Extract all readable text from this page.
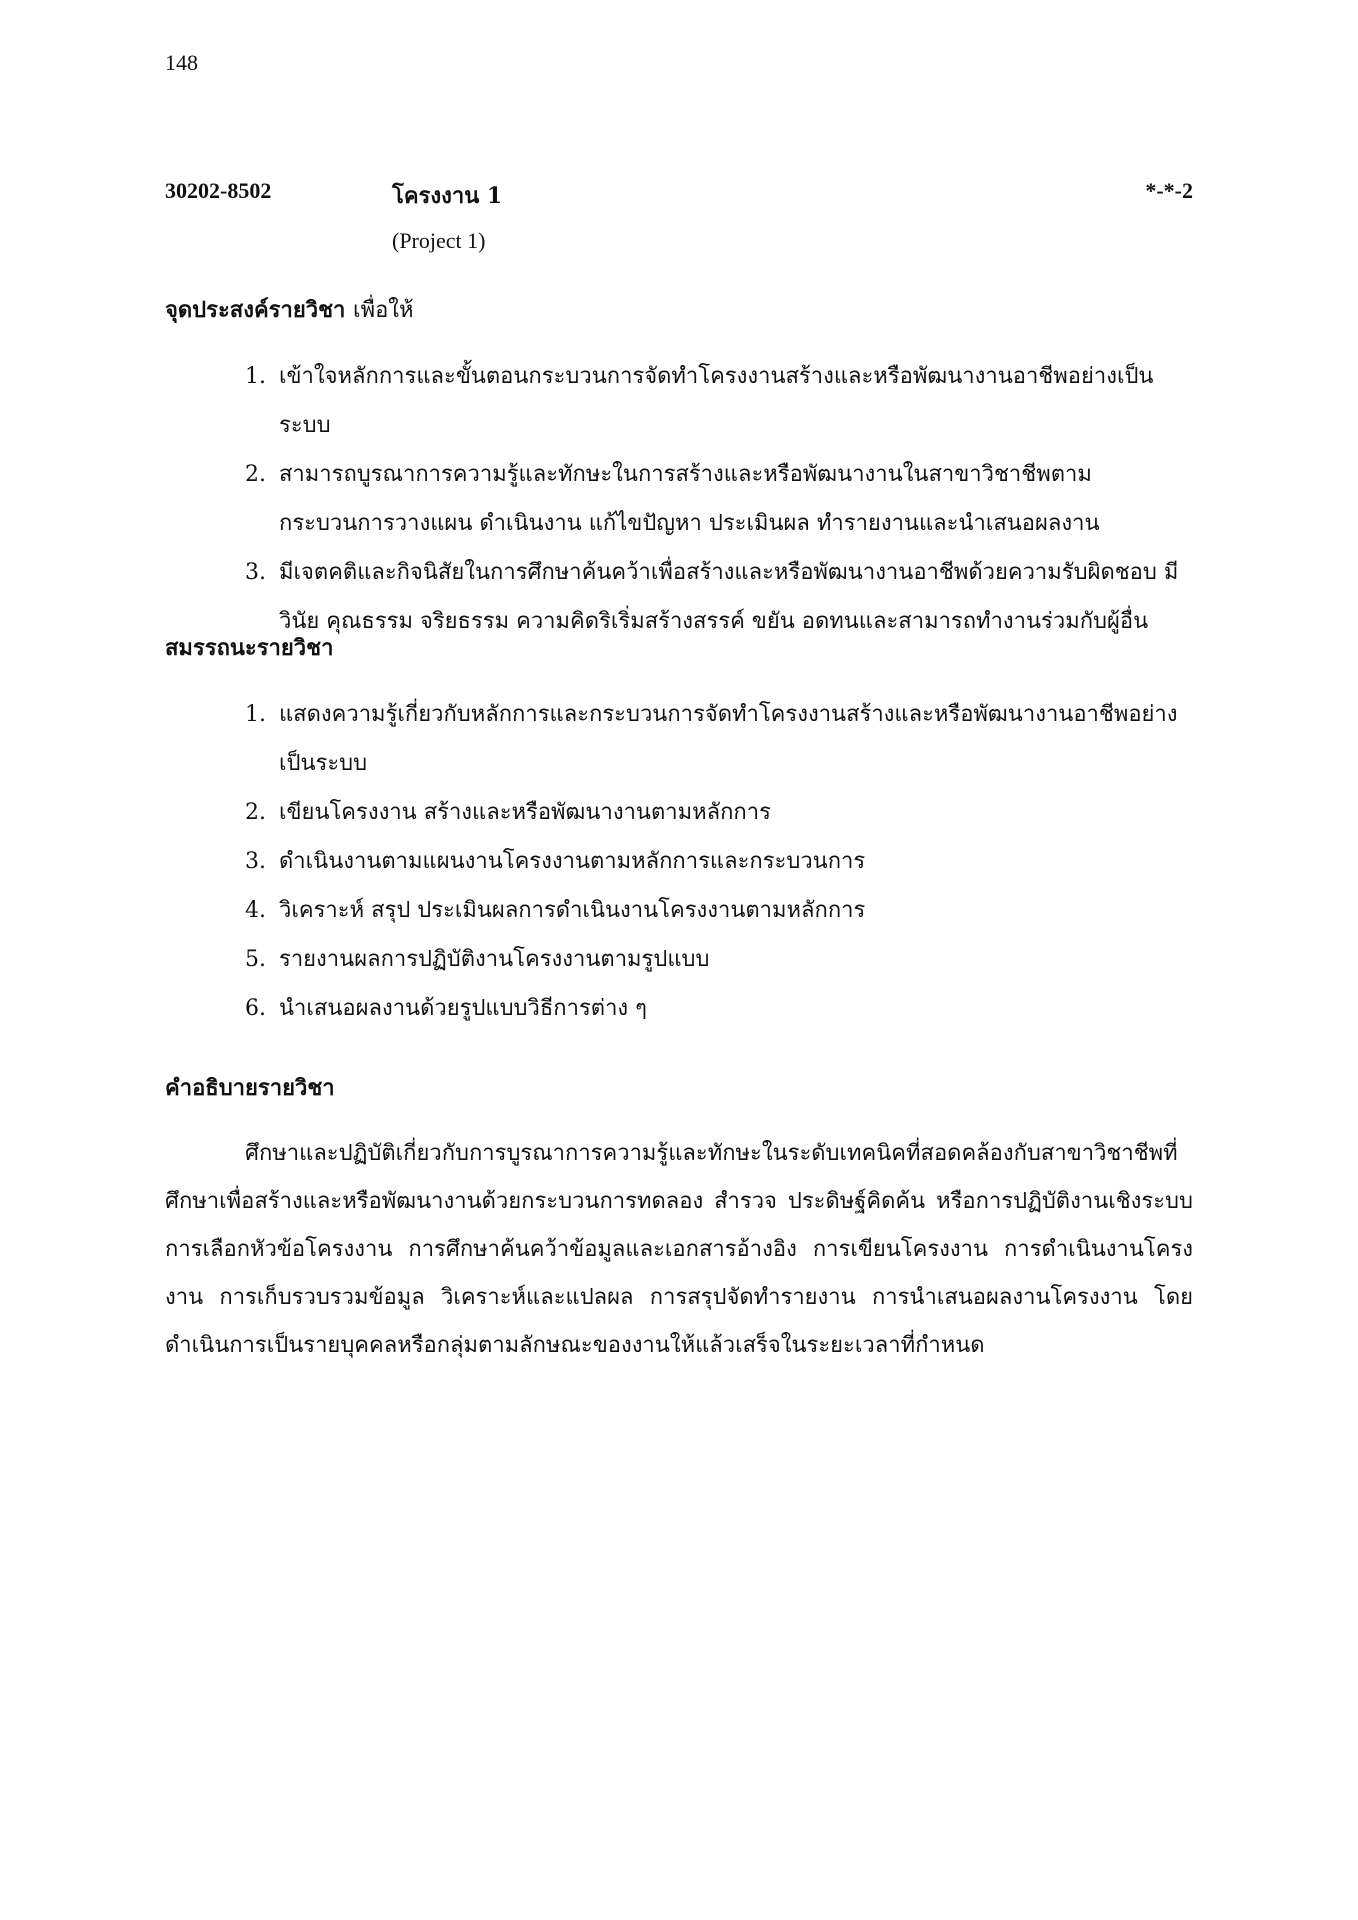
148
30202-8502	โครงงาน 1	*-*-2
(Project 1)
จุดประสงค์รายวิชา เพื่อให้
1. เข้าใจหลักการและขั้นตอนกระบวนการจัดทำโครงงานสร้างและหรือพัฒนางานอาชีพอย่างเป็นระบบ
2. สามารถบูรณาการความรู้และทักษะในการสร้างและหรือพัฒนางานในสาขาวิชาชีพตามกระบวนการวางแผน ดำเนินงาน แก้ไขปัญหา ประเมินผล ทำรายงานและนำเสนอผลงาน
3. มีเจตคติและกิจนิสัยในการศึกษาค้นคว้าเพื่อสร้างและหรือพัฒนางานอาชีพด้วยความรับผิดชอบ มีวินัย คุณธรรม จริยธรรม ความคิดริเริ่มสร้างสรรค์ ขยัน อดทนและสามารถทำงานร่วมกับผู้อื่น
สมรรถนะรายวิชา
1. แสดงความรู้เกี่ยวกับหลักการและกระบวนการจัดทำโครงงานสร้างและหรือพัฒนางานอาชีพอย่างเป็นระบบ
2. เขียนโครงงาน สร้างและหรือพัฒนางานตามหลักการ
3. ดำเนินงานตามแผนงานโครงงานตามหลักการและกระบวนการ
4. วิเคราะห์ สรุป ประเมินผลการดำเนินงานโครงงานตามหลักการ
5. รายงานผลการปฏิบัติงานโครงงานตามรูปแบบ
6. นำเสนอผลงานด้วยรูปแบบวิธีการต่าง ๆ
คำอธิบายรายวิชา

ศึกษาและปฏิบัติเกี่ยวกับการบูรณาการความรู้และทักษะในระดับเทคนิคที่สอดคล้องกับสาขาวิชาชีพที่ศึกษาเพื่อสร้างและหรือพัฒนางานด้วยกระบวนการทดลอง สำรวจ ประดิษฐ์คิดค้น หรือการปฏิบัติงานเชิงระบบ การเลือกหัวข้อโครงงาน การศึกษาค้นคว้าข้อมูลและเอกสารอ้างอิง การเขียนโครงงาน การดำเนินงานโครงงาน การเก็บรวบรวมข้อมูล วิเคราะห์และแปลผล การสรุปจัดทำรายงาน การนำเสนอผลงานโครงงาน โดยดำเนินการเป็นรายบุคคลหรือกลุ่มตามลักษณะของงานให้แล้วเสร็จในระยะเวลาที่กำหนด
